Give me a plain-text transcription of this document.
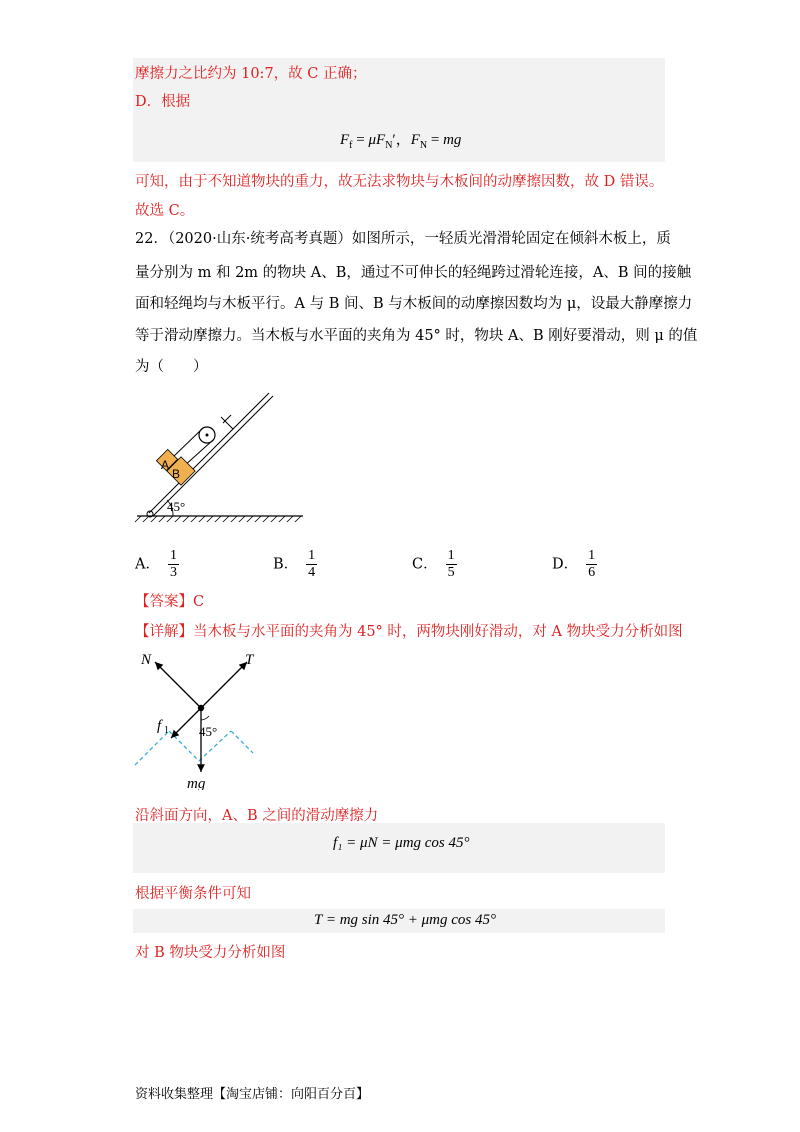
摩擦力之比约为 10:7，故 C 正确；
D．根据
$F_f = \mu F_N'$，$F_N$ = mg
可知，由于不知道物块的重力，故无法求物块与木板间的动摩擦因数，故 D 错误。
故选 C。
22．（2020·山东·统考高考真题）如图所示，一轻质光滑滑轮固定在倾斜木板上，质
量分别为 m 和 2m 的物块 A、B，通过不可伸长的轻绳跨过滑轮连接，A、B 间的接触
面和轻绳均与木板平行。A 与 B 间、B 与木板间的动摩擦因数均为 μ，设最大静摩擦力
等于滑动摩擦力。当木板与水平面的夹角为 45° 时，物块 A、B 刚好要滑动，则 μ 的值
为（　　）
45°
A
B
A． $\frac{1}{3}$	B． $\frac{1}{4}$	C． $\frac{1}{5}$	D． $\frac{1}{6}$
【答案】C
【详解】当木板与水平面的夹角为 45° 时，两物块刚好滑动，对 A 物块受力分析如图
N	T
f 1 45°
mg
沿斜面方向，A、B 之间的滑动摩擦力
f₁ = μN = μmg cos 45°
根据平衡条件可知
T = mg sin 45° + μmg cos 45°
对 B 物块受力分析如图
资料收集整理【淘宝店铺：向阳百分百】
